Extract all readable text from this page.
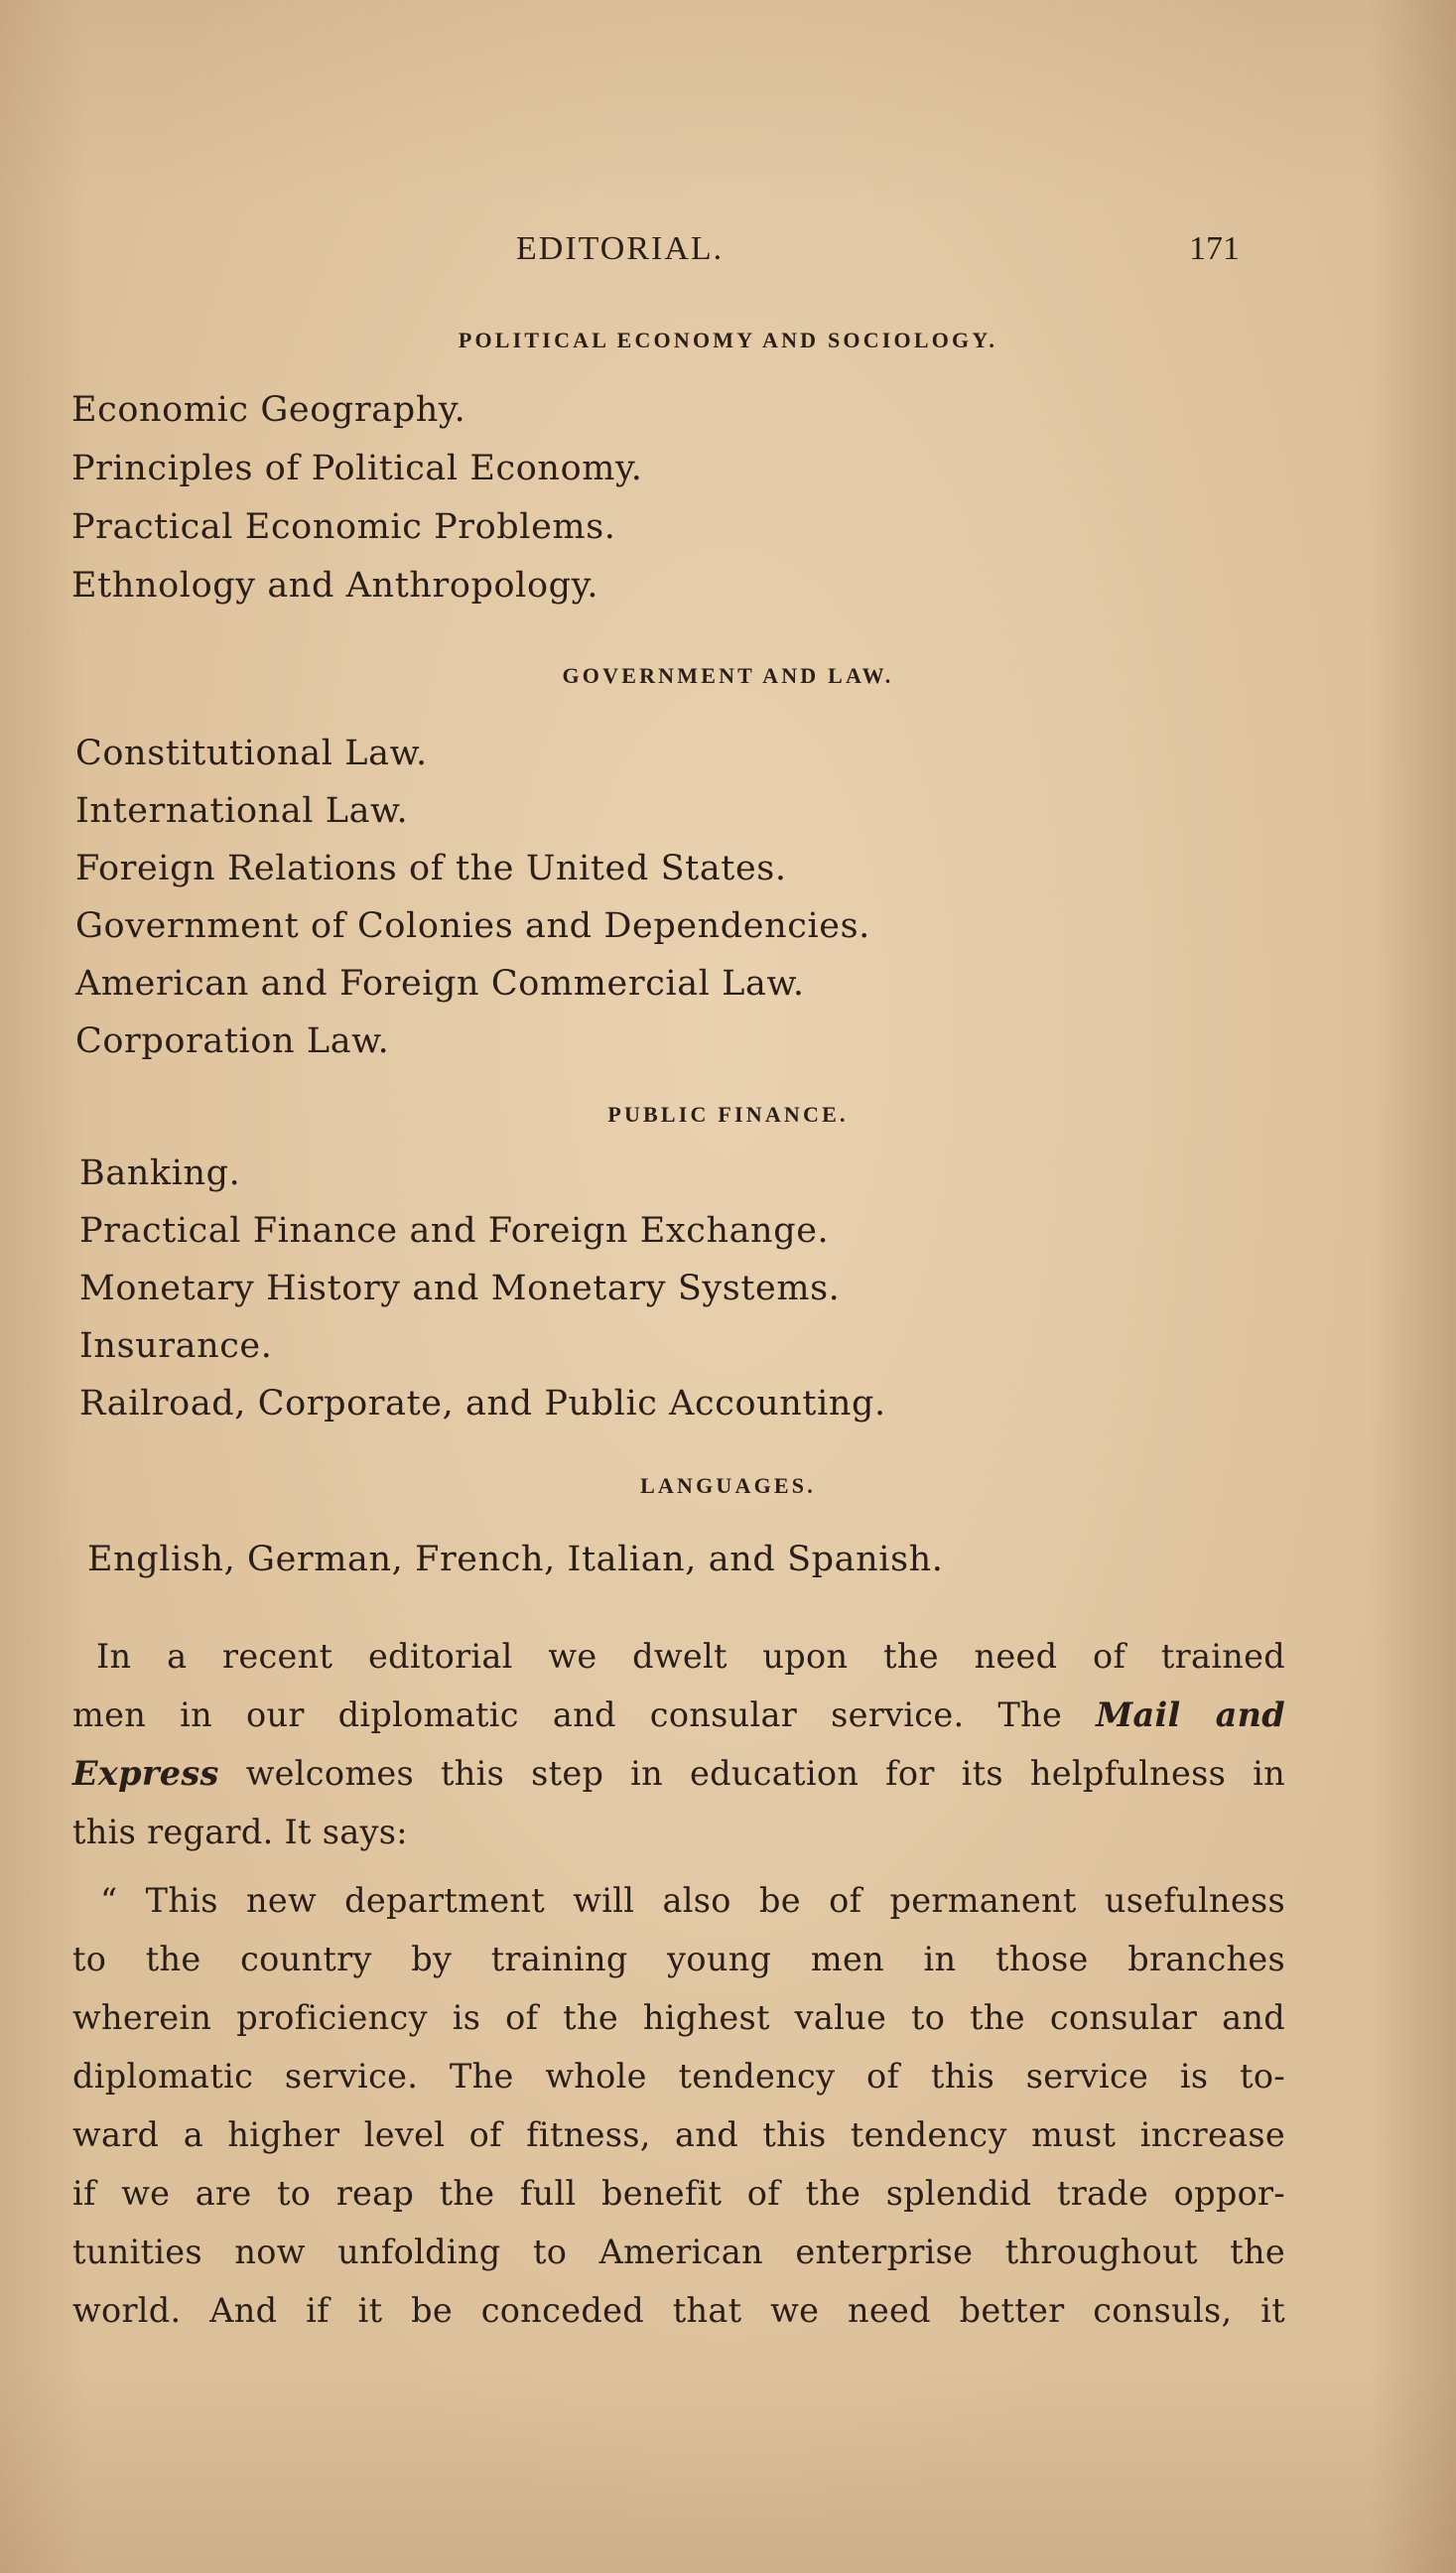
EDITORIAL.	171
POLITICAL ECONOMY AND SOCIOLOGY.
Economic Geography.
Principles of Political Economy.
Practical Economic Problems.
Ethnology and Anthropology.
GOVERNMENT AND LAW.
Constitutional Law.
International Law.
Foreign Relations of the United States.
Government of Colonies and Dependencies.
American and Foreign Commercial Law.
Corporation Law.
PUBLIC FINANCE.
Banking.
Practical Finance and Foreign Exchange.
Monetary History and Monetary Systems.
Insurance.
Railroad, Corporate, and Public Accounting.
LANGUAGES.
English, German, French, Italian, and Spanish.
In a recent editorial we dwelt upon the need of trained
men in our diplomatic and consular service. The Mail and
Express welcomes this step in education for its helpfulness in
this regard. It says:
“ This new department will also be of permanent usefulness
to the country by training young men in those branches
wherein proficiency is of the highest value to the consular and
diplomatic service. The whole tendency of this service is to-
ward a higher level of fitness, and this tendency must increase
if we are to reap the full benefit of the splendid trade oppor-
tunities now unfolding to American enterprise throughout the
world. And if it be conceded that we need better consuls, it
